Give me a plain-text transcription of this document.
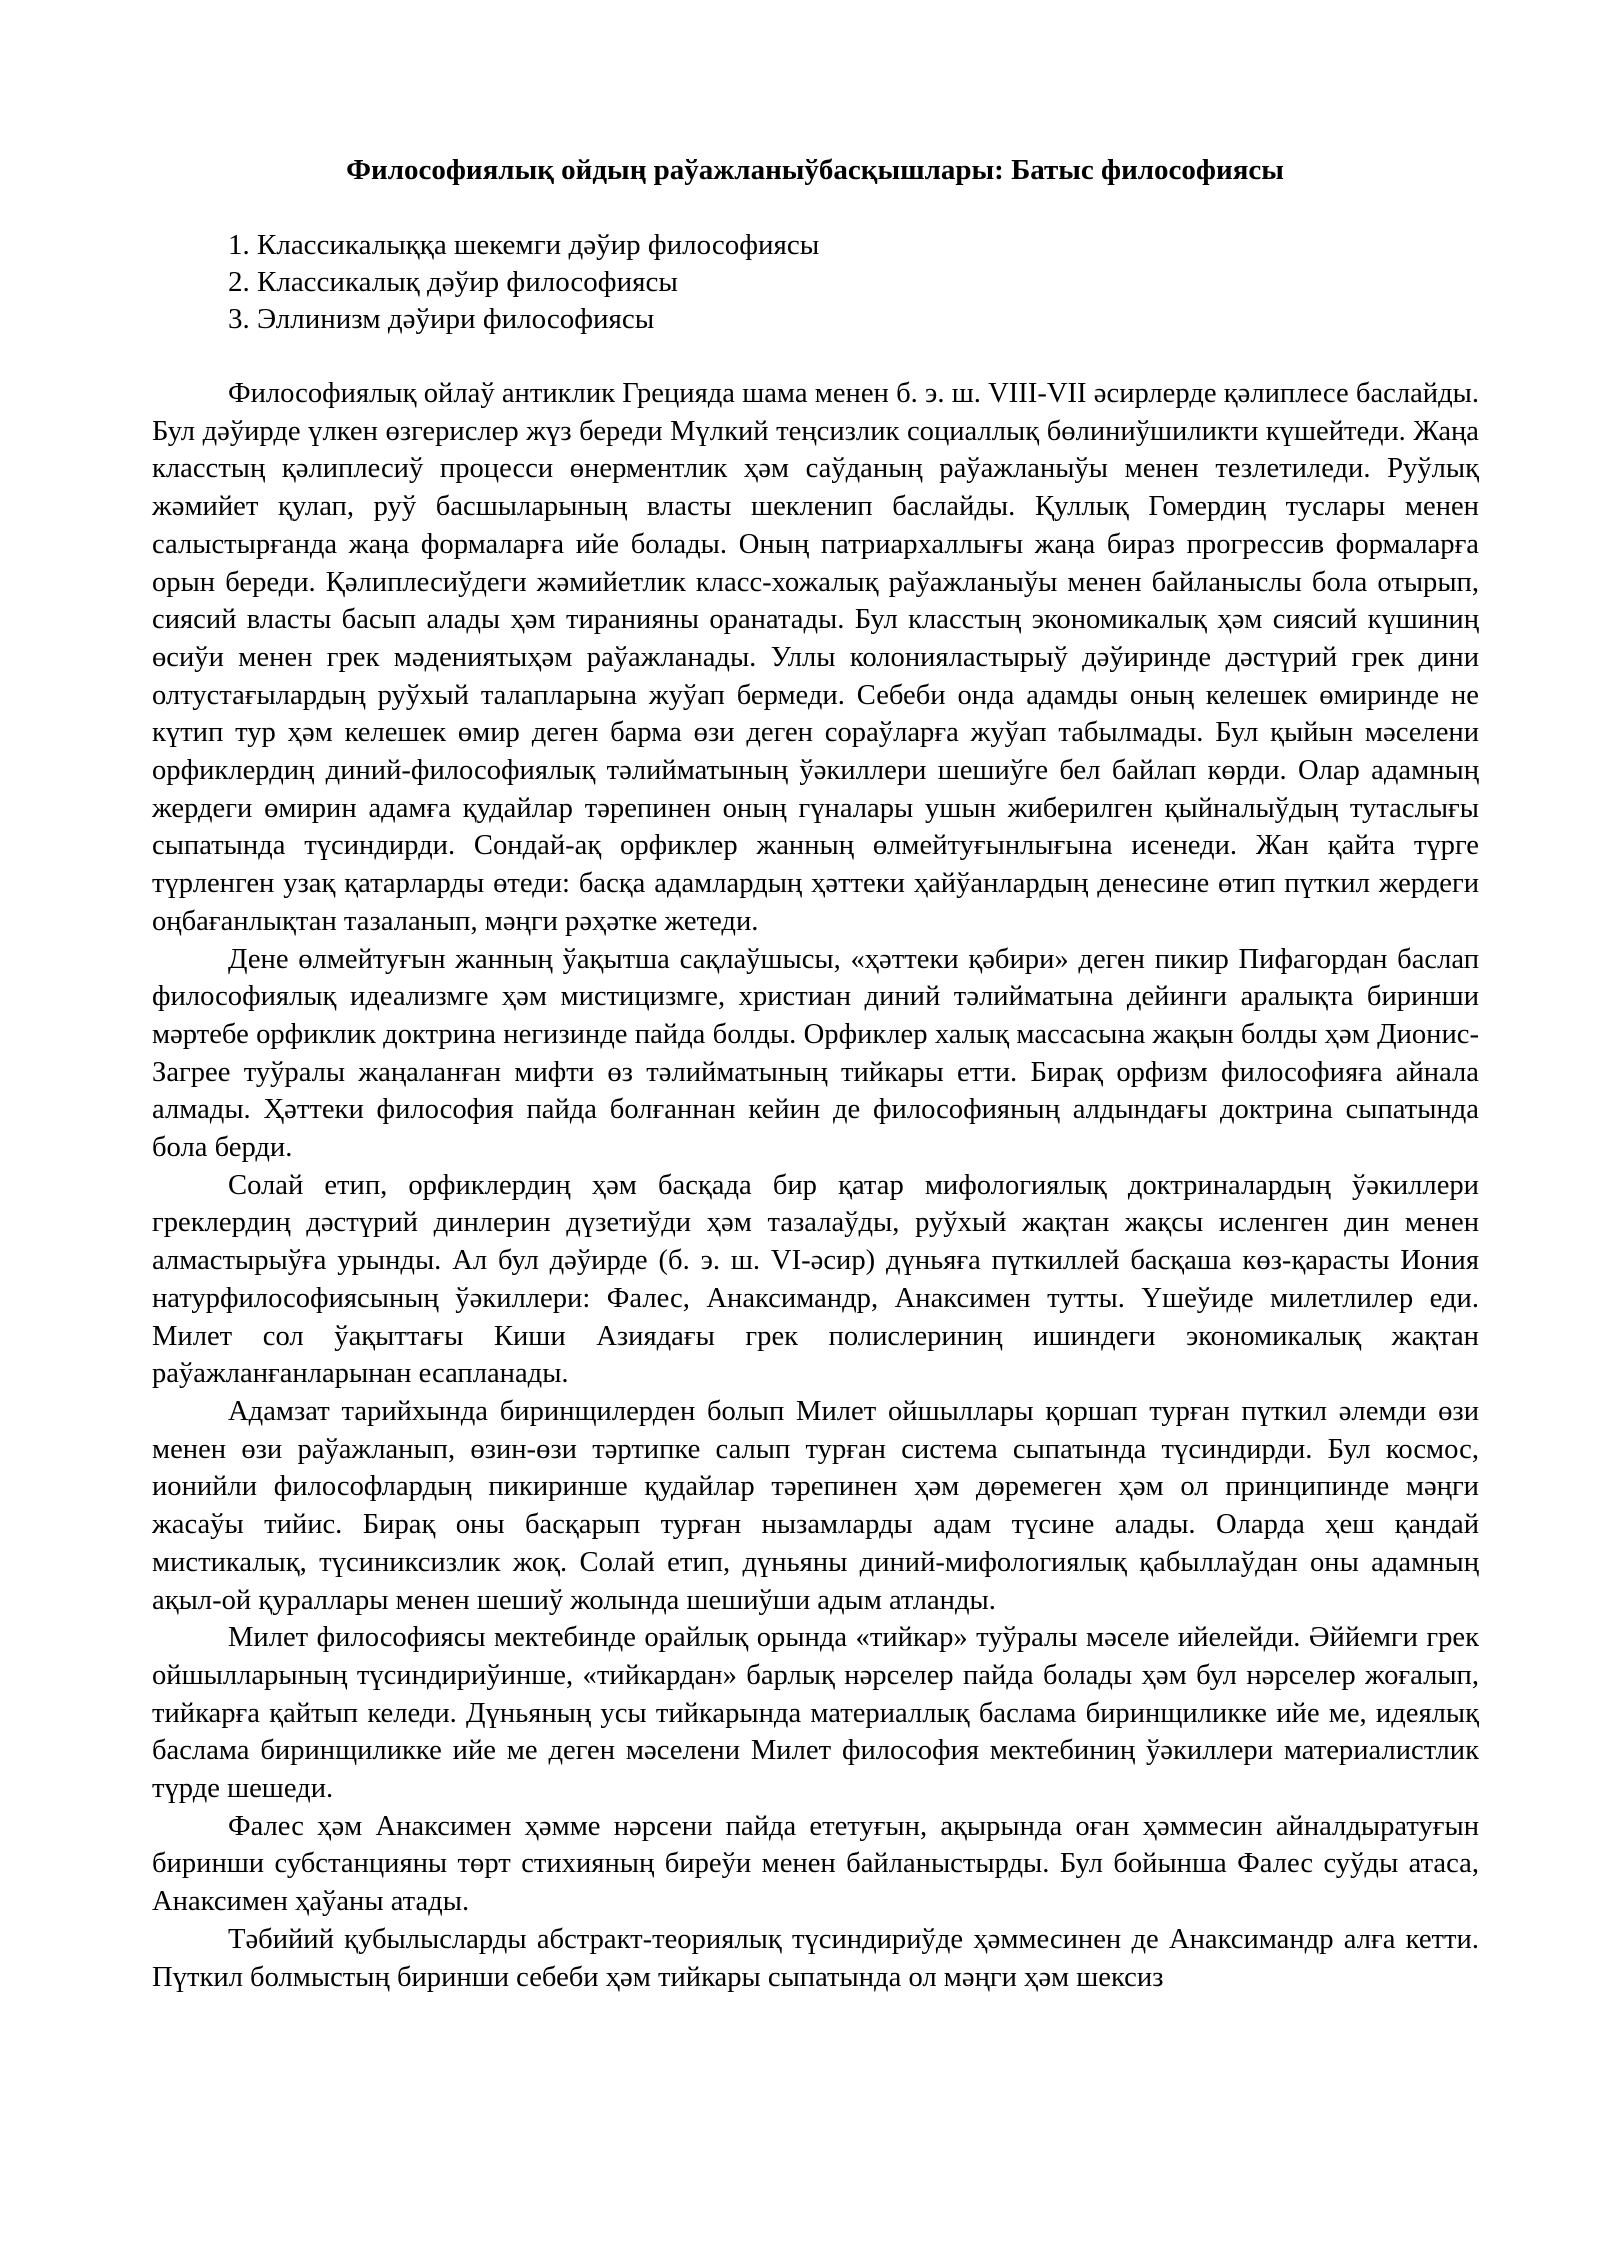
Философиялық ойдың раўажланыўбасқышлары: Батыс философиясы
1. Классикалыққа шекемги дәўир философиясы
2. Классикалық дәўир философиясы
3. Эллинизм дәўири философиясы

Философиялық ойлаў антиклик Грецияда шама менен б. э. ш. VIII-VII әсирлерде қәлиплесе баслайды. Бул дәўирде үлкен өзгерислер жүз береди Мүлкий теңсизлик социаллық бөлиниўшиликти күшейтеди. Жаңа класстың қәлиплесиў процесси өнерментлик ҳәм саўданың раўажланыўы менен тезлетиледи. Руўлық жәмийет қулап, руў басшыларының власты шекленип баслайды. Қуллық Гомердиң туслары менен салыстырғанда жаңа формаларға ийе болады. Оның патриархаллығы жаңа бираз прогрессив формаларға орын береди. Қәлиплесиўдеги жәмийетлик класс-хожалық раўажланыўы менен байланыслы бола отырып, сиясий власты басып алады ҳәм тиранияны оранатады. Бул класстың экономикалық ҳәм сиясий күшиниң өсиўи менен грек мәдениятыҳәм раўажланады. Уллы колонияластырыў дәўиринде дәстүрий грек дини олтустағылардың руўхый талапларына жуўап бермеди. Себеби онда адамды оның келешек өмиринде не күтип тур ҳәм келешек өмир деген барма өзи деген сораўларға жуўап табылмады. Бул қыйын мәселени орфиклердиң диний-философиялық тәлийматының ўәкиллери шешиўге бел байлап көрди. Олар адамның жердеги өмирин адамға қудайлар тәрепинен оның гүналары ушын жиберилген қыйналыўдың тутаслығы сыпатында түсиндирди. Сондай-ақ орфиклер жанның өлмейтуғынлығына исенеди. Жан қайта түрге түрленген узақ қатарларды өтеди: басқа адамлардың ҳәттеки ҳайўанлардың денесине өтип пүткил жердеги оңбағанлықтан тазаланып, мәңги рәҳәтке жетеди.

Дене өлмейтуғын жанның ўақытша сақлаўшысы, «ҳәттеки қәбири» деген пикир Пифагордан баслап философиялық идеализмге ҳәм мистицизмге, христиан диний тәлийматына дейинги аралықта биринши мәртебе орфиклик доктрина негизинде пайда болды. Орфиклер халық массасына жақын болды ҳәм Дионис-Загрее туўралы жаңаланған мифти өз тәлийматының тийкары етти. Бирақ орфизм философияға айнала алмады. Ҳәттеки философия пайда болғаннан кейин де философияның алдындағы доктрина сыпатында бола берди.

Солай етип, орфиклердиң ҳәм басқада бир қатар мифологиялық доктриналардың ўәкиллери греклердиң дәстүрий динлерин дүзетиўди ҳәм тазалаўды, руўхый жақтан жақсы исленген дин менен алмастырыўға урынды. Ал бул дәўирде (б. э. ш. VI-әсир) дүньяға пүткиллей басқаша көз-қарасты Иония натурфилософиясының ўәкиллери: Фалес, Анаксимандр, Анаксимен тутты. Үшеўиде милетлилер еди. Милет сол ўақыттағы Киши Азиядағы грек полислериниң ишиндеги экономикалық жақтан раўажланғанларынан есапланады.

Адамзат тарийхында биринщилерден болып Милет ойшыллары қоршап турған пүткил әлемди өзи менен өзи раўажланып, өзин-өзи тәртипке салып турған система сыпатында түсиндирди. Бул космос, ионийли философлардың пикиринше қудайлар тәрепинен ҳәм дөремеген ҳәм ол принципинде мәңги жасаўы тийис. Бирақ оны басқарып турған нызамларды адам түсине алады. Оларда ҳеш қандай мистикалық, түсиниксизлик жоқ. Солай етип, дүньяны диний-мифологиялық қабыллаўдан оны адамның ақыл-ой қураллары менен шешиў жолында шешиўши адым атланды.

Милет философиясы мектебинде орайлық орында «тийкар» туўралы мәселе ийелейди. Әййемги грек ойшылларының түсиндириўинше, «тийкардан» барлық нәрселер пайда болады ҳәм бул нәрселер жоғалып, тийкарға қайтып келеди. Дүньяның усы тийкарында материаллық баслама биринщиликке ийе ме, идеялық баслама биринщиликке ийе ме деген мәселени Милет философия мектебиниң ўәкиллери материалистлик түрде шешеди.

Фалес ҳәм Анаксимен ҳәмме нәрсени пайда ететуғын, ақырында оған ҳәммесин айналдыратуғын биринши субстанцияны төрт стихияның биреўи менен байланыстырды. Бул бойынша Фалес суўды атаса, Анаксимен ҳаўаны атады.

Тәбийий қубылысларды абстракт-теориялық түсиндириўде ҳәммесинен де Анаксимандр алға кетти. Пүткил болмыстың биринши себеби ҳәм тийкары сыпатында ол мәңги ҳәм шексиз
